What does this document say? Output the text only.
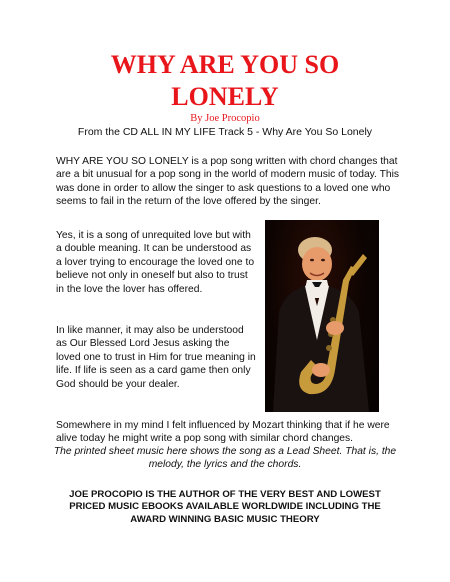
WHY ARE YOU SO
LONELY
By Joe Procopio
From the CD ALL IN MY LIFE Track 5 - Why Are You So Lonely

WHY ARE YOU SO LONELY is a pop song written with chord changes that are a bit unusual for a pop song in the world of modern music of today. This was done in order to allow the singer to ask questions to a loved one who seems to fail in the return of the love offered by the singer.

Yes, it is a song of unrequited love but with a double meaning. It can be understood as a lover trying to encourage the loved one to believe not only in oneself but also to trust in the love the lover has offered.

In like manner, it may also be understood as Our Blessed Lord Jesus asking the loved one to trust in Him for true meaning in life. If life is seen as a card game then only God should be your dealer.

Somewhere in my mind I felt influenced by Mozart thinking that if he were alive today he might write a pop song with similar chord changes.

The printed sheet music here shows the song as a Lead Sheet. That is, the melody, the lyrics and the chords.

JOE PROCOPIO IS THE AUTHOR OF THE VERY BEST AND LOWEST PRICED MUSIC EBOOKS AVAILABLE WORLDWIDE INCLUDING THE AWARD WINNING BASIC MUSIC THEORY
